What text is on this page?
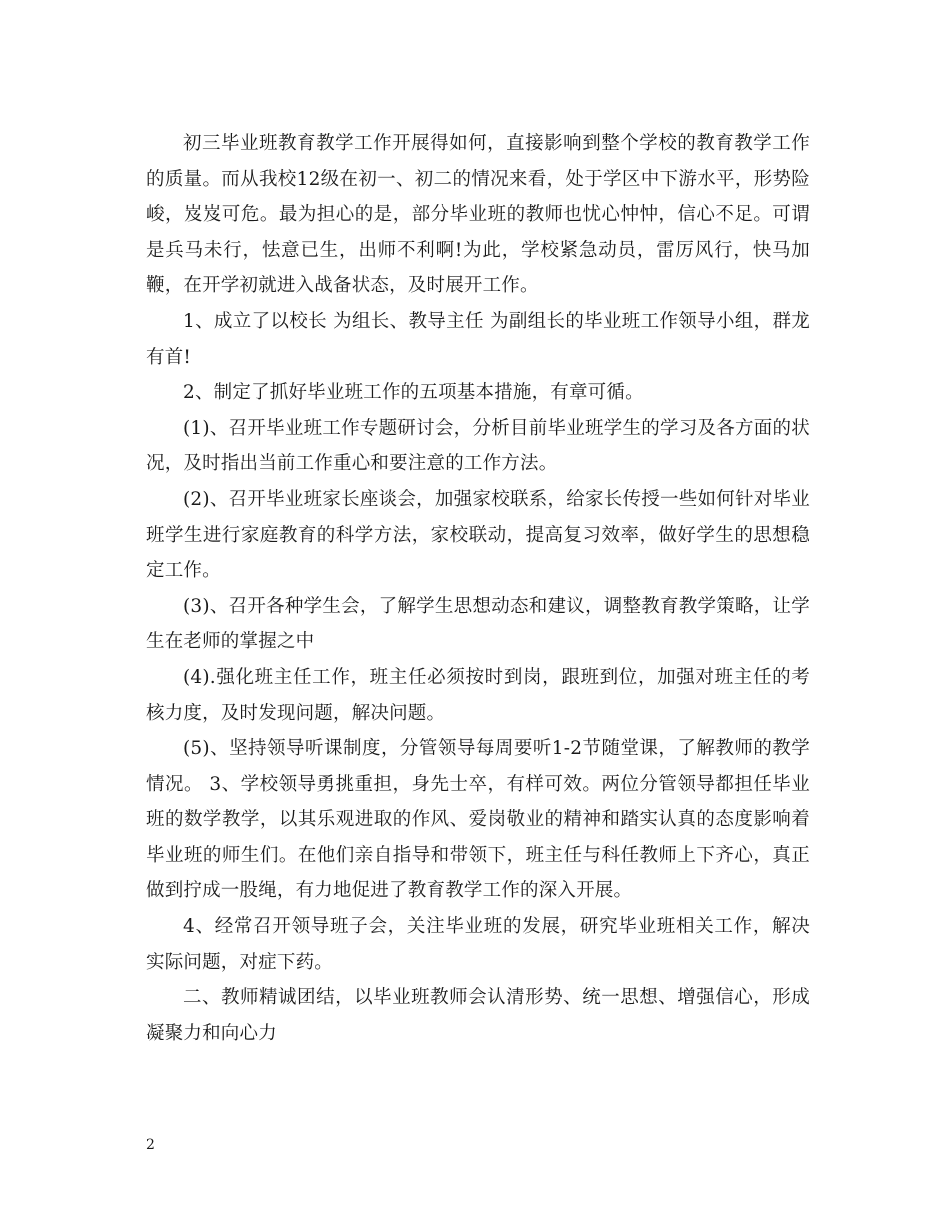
初三毕业班教育教学工作开展得如何，直接影响到整个学校的教育教学工作的质量。而从我校12级在初一、初二的情况来看，处于学区中下游水平，形势险峻，岌岌可危。最为担心的是，部分毕业班的教师也忧心忡忡，信心不足。可谓是兵马未行，怯意已生，出师不利啊!为此，学校紧急动员，雷厉风行，快马加鞭，在开学初就进入战备状态，及时展开工作。

1、成立了以校长 为组长、教导主任 为副组长的毕业班工作领导小组，群龙有首!

2、制定了抓好毕业班工作的五项基本措施，有章可循。

(1)、召开毕业班工作专题研讨会，分析目前毕业班学生的学习及各方面的状况，及时指出当前工作重心和要注意的工作方法。

(2)、召开毕业班家长座谈会，加强家校联系，给家长传授一些如何针对毕业班学生进行家庭教育的科学方法，家校联动，提高复习效率，做好学生的思想稳定工作。

(3)、召开各种学生会，了解学生思想动态和建议，调整教育教学策略，让学生在老师的掌握之中

(4).强化班主任工作，班主任必须按时到岗，跟班到位，加强对班主任的考核力度，及时发现问题，解决问题。

(5)、坚持领导听课制度，分管领导每周要听1-2节随堂课，了解教师的教学情况。 3、学校领导勇挑重担，身先士卒，有样可效。两位分管领导都担任毕业班的数学教学，以其乐观进取的作风、爱岗敬业的精神和踏实认真的态度影响着毕业班的师生们。在他们亲自指导和带领下，班主任与科任教师上下齐心，真正做到拧成一股绳，有力地促进了教育教学工作的深入开展。

4、经常召开领导班子会，关注毕业班的发展，研究毕业班相关工作，解决实际问题，对症下药。

二、教师精诚团结，以毕业班教师会认清形势、统一思想、增强信心，形成凝聚力和向心力

2
